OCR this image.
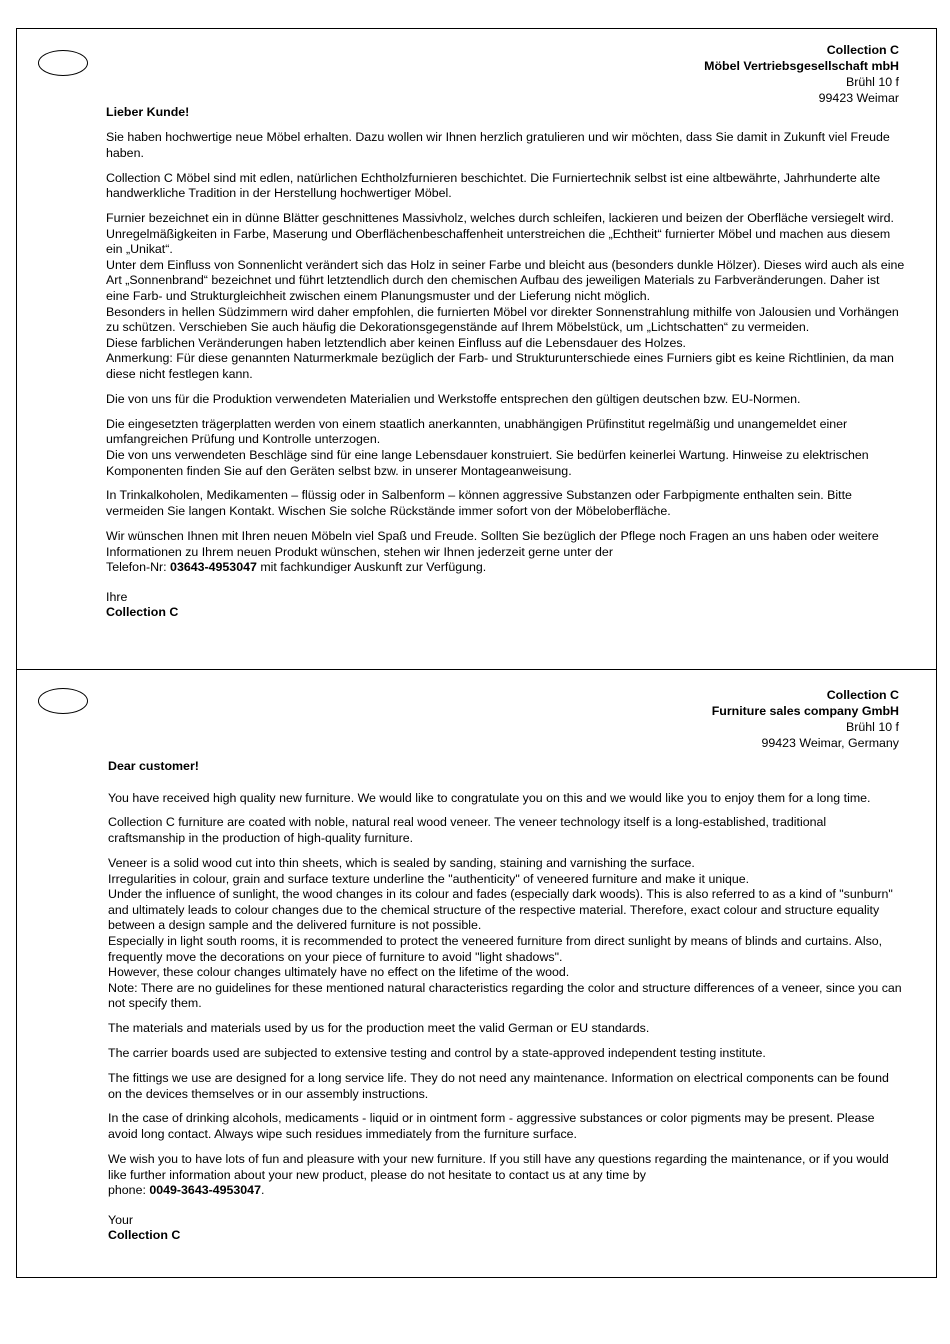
Collection C
Möbel Vertriebsgesellschaft mbH
Brühl 10 f
99423 Weimar
Lieber Kunde!

Sie haben hochwertige neue Möbel erhalten. Dazu wollen wir Ihnen herzlich gratulieren und wir möchten, dass Sie damit in Zukunft viel Freude haben.

Collection C Möbel sind mit edlen, natürlichen Echtholzfurnieren beschichtet. Die Furniertechnik selbst ist eine altbewährte, Jahrhunderte alte handwerkliche Tradition in der Herstellung hochwertiger Möbel.

Furnier bezeichnet ein in dünne Blätter geschnittenes Massivholz, welches durch schleifen, lackieren und beizen der Oberfläche versiegelt wird.
Unregelmäßigkeiten in Farbe, Maserung und Oberflächenbeschaffenheit unterstreichen die „Echtheit“ furnierter Möbel und machen aus diesem ein „Unikat“.
Unter dem Einfluss von Sonnenlicht verändert sich das Holz in seiner Farbe und bleicht aus (besonders dunkle Hölzer). Dieses wird auch als eine Art „Sonnenbrand“ bezeichnet und führt letztendlich durch den chemischen Aufbau des jeweiligen Materials zu Farbveränderungen. Daher ist eine Farb- und Strukturgleichheit zwischen einem Planungsmuster und der Lieferung nicht möglich.
Besonders in hellen Südzimmern wird daher empfohlen, die furnierten Möbel vor direkter Sonnenstrahlung mithilfe von Jalousien und Vorhängen zu schützen. Verschieben Sie auch häufig die Dekorationsgegenstände auf Ihrem Möbelstück, um „Lichtschatten“ zu vermeiden.
Diese farblichen Veränderungen haben letztendlich aber keinen Einfluss auf die Lebensdauer des Holzes.
Anmerkung: Für diese genannten Naturmerkmale bezüglich der Farb- und Strukturunterschiede eines Furniers gibt es keine Richtlinien, da man diese nicht festlegen kann.

Die von uns für die Produktion verwendeten Materialien und Werkstoffe entsprechen den gültigen deutschen bzw. EU-Normen.

Die eingesetzten trägerplatten werden von einem staatlich anerkannten, unabhängigen Prüfinstitut regelmäßig und unangemeldet einer umfangreichen Prüfung und Kontrolle unterzogen.
Die von uns verwendeten Beschläge sind für eine lange Lebensdauer konstruiert. Sie bedürfen keinerlei Wartung. Hinweise zu elektrischen Komponenten finden Sie auf den Geräten selbst bzw. in unserer Montageanweisung.

In Trinkalkoholen, Medikamenten – flüssig oder in Salbenform – können aggressive Substanzen oder Farbpigmente enthalten sein. Bitte vermeiden Sie langen Kontakt. Wischen Sie solche Rückstände immer sofort von der Möbeloberfläche.

Wir wünschen Ihnen mit Ihren neuen Möbeln viel Spaß und Freude. Sollten Sie bezüglich der Pflege noch Fragen an uns haben oder weitere Informationen zu Ihrem neuen Produkt wünschen, stehen wir Ihnen jederzeit gerne unter der
Telefon-Nr: 03643-4953047 mit fachkundiger Auskunft zur Verfügung.

Ihre
Collection C
Collection C
Furniture sales company GmbH
Brühl 10 f
99423 Weimar, Germany
Dear customer!

You have received high quality new furniture. We would like to congratulate you on this and we would like you to enjoy them for a long time.

Collection C furniture are coated with noble, natural real wood veneer. The veneer technology itself is a long-established, traditional craftsmanship in the production of high-quality furniture.

Veneer is a solid wood cut into thin sheets, which is sealed by sanding, staining and varnishing the surface.
Irregularities in colour, grain and surface texture underline the "authenticity" of veneered furniture and make it unique.
Under the influence of sunlight, the wood changes in its colour and fades (especially dark woods). This is also referred to as a kind of "sunburn" and ultimately leads to colour changes due to the chemical structure of the respective material. Therefore, exact colour and structure equality between a design sample and the delivered furniture is not possible.
Especially in light south rooms, it is recommended to protect the veneered furniture from direct sunlight by means of blinds and curtains. Also, frequently move the decorations on your piece of furniture to avoid "light shadows".
However, these colour changes ultimately have no effect on the lifetime of the wood.
Note: There are no guidelines for these mentioned natural characteristics regarding the color and structure differences of a veneer, since you can not specify them.

The materials and materials used by us for the production meet the valid German or EU standards.

The carrier boards used are subjected to extensive testing and control by a state-approved independent testing institute.

The fittings we use are designed for a long service life. They do not need any maintenance. Information on electrical components can be found on the devices themselves or in our assembly instructions.

In the case of drinking alcohols, medicaments - liquid or in ointment form - aggressive substances or color pigments may be present. Please avoid long contact. Always wipe such residues immediately from the furniture surface.

We wish you to have lots of fun and pleasure with your new furniture. If you still have any questions regarding the maintenance, or if you would like further information about your new product, please do not hesitate to contact us at any time by
phone: 0049-3643-4953047.

Your
Collection C
